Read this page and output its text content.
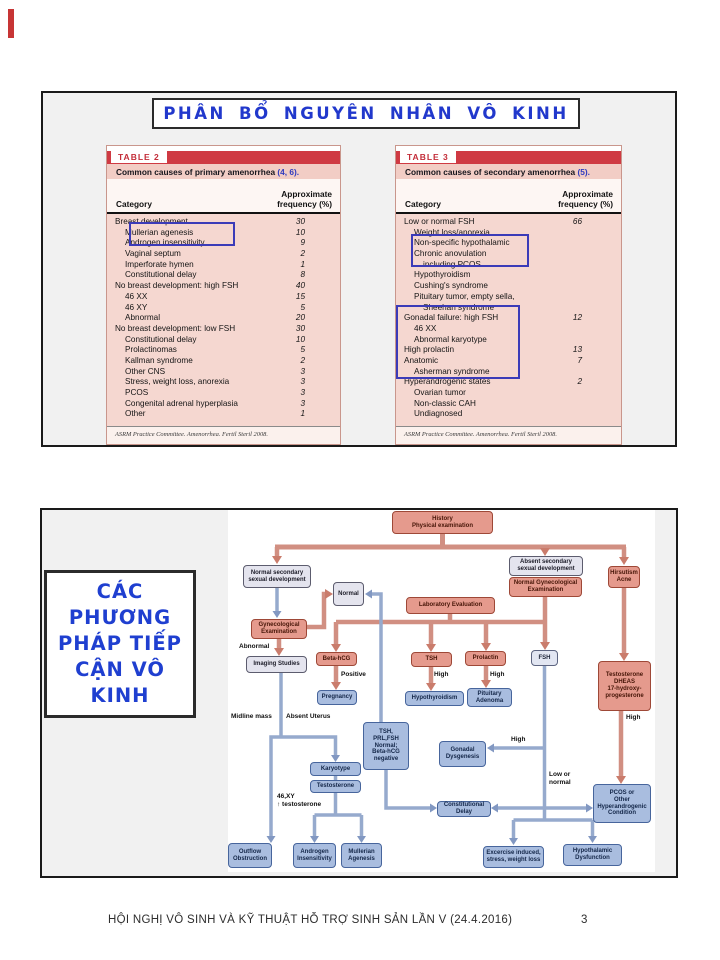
PHÂN BỔ NGUYÊN NHÂN VÔ KINH
TABLE 2
Common causes of primary amenorrhea (4, 6).
Category
Approximate
frequency (%)
Breast development	30
Mullerian agenesis	10
Androgen insensitivity	9
Vaginal septum	2
Imperforate hymen	1
Constitutional delay	8
No breast development: high FSH	40
46 XX	15
46 XY	5
Abnormal	20
No breast development: low FSH	30
Constitutional delay	10
Prolactinomas	5
Kallman syndrome	2
Other CNS	3
Stress, weight loss, anorexia	3
PCOS	3
Congenital adrenal hyperplasia	3
Other	1
ASRM Practice Committee. Amenorrhea. Fertil Steril 2008.
TABLE 3
Common causes of secondary amenorrhea (5).
Category
Approximate
frequency (%)
Low or normal FSH	66
Weight loss/anorexia
Non-specific hypothalamic
Chronic anovulation
including PCOS
Hypothyroidism
Cushing's syndrome
Pituitary tumor, empty sella,
Sheehan syndrome
Gonadal failure: high FSH	12
46 XX
Abnormal karyotype
High prolactin	13
Anatomic	7
Asherman syndrome
Hyperandrogenic states	2
Ovarian tumor
Non-classic CAH
Undiagnosed
ASRM Practice Committee. Amenorrhea. Fertil Steril 2008.
CÁC
PHƯƠNG
PHÁP TIẾP
CẬN VÔ
KINH
History
Physical examination
Normal secondary
sexual development
Absent secondary
sexual development
Normal Gynecological
Examination
Hirsutism
Acne
Normal
Laboratory Evaluation
Gynecological
Examination
Imaging Studies
Beta-hCG
Pregnancy
TSH
Hypothyroidism
Prolactin
Pituitary
Adenoma
FSH
Testosterone
DHEAS
17-hydroxy-
progesterone
TSH,
PRL,FSH
Normal;
Beta-hCG
negative
Gonadal
Dysgenesis
Karyotype
Testosterone
Constitutional
Delay
PCOS or
Other
Hyperandrogenic
Condition
Outflow
Obstruction
Androgen
Insensitivity
Mullerian
Agenesis
Excercise induced,
stress, weight loss
Hypothalamic
Dysfunction
Abnormal
Positive	High	High
High
Midline mass Absent Uterus
High
Low or
normal
46,XY
↑ testosterone
HỘI NGHỊ VÔ SINH VÀ KỸ THUẬT HỖ TRỢ SINH SẢN LẦN V (24.4.2016)	3
